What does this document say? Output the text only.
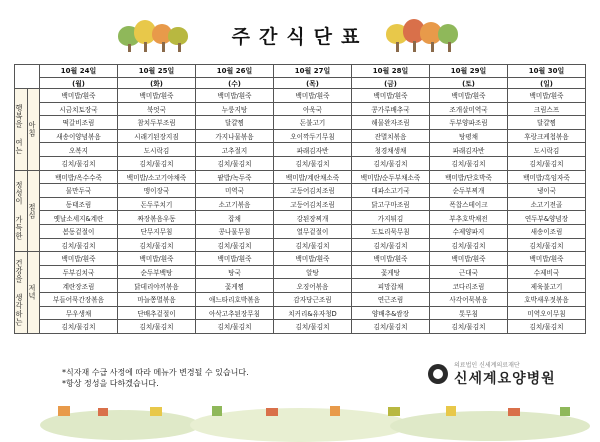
주간식단표
		10월 24일	10월 25일	10월 26일	10월 27일	10월 28일	10월 29일	10월 30일
		(월)	(화)	(수)	(목)	(금)	(토)	(일)

행복을 여는	아침	백미밥/흰죽	백미밥/흰죽	백미밥/흰죽	백미밥/흰죽	백미밥/흰죽	백미밥/흰죽	백미밥/흰죽
		시금치토장국	북엇국	누룽지탕	아욱국	콩가루배추국	조개살미역국	크림스프
		떡갈비조림	참치두부조림	달걀찜	돈불고기	해물완자조림	두부양파조림	달걀찜
		새송이양념볶음	시래기된장지짐	가지나물볶음	오이깍두기무침	잔멸치볶음	탕평채	후랑크케첩볶음
		오복지	도시락김	고추절지	파래김자반	청경채생채	파래김자반	도시락김
		김치/물김치	김치/물김치	김치/물김치	김치/물김치	김치/물김치	김치/물김치	김치/물김치

정성이 가득한	점심	백미밥/옥수수죽	백미밥/소고기야채죽	팥밥/녹두죽	백미밥/계란채소죽	백미밥/순두부채소죽	백미밥/단호박죽	백미밥/흑임자죽
		물만두국	맹이장국	미역국	고등어김치조림	대파소고기국	순두부찌개	냉이국
		동태조림	돈두루치기	소고기볶음	고등어김치조림	닭고구마조림	폭찹스테이크	소고기전골
		옛날소세지&계란	짜장볶음우동	잡채	강된장찌개	가지튀김	부추호박채전	연두부&양념장
		봄동겉절이	단무지무침	콩나물무침	열무겉절이	도토리묵무침	수제양파지	새송이조림
		김치/물김치	김치/물김치	김치/물김치	김치/물김치	김치/물김치	김치/물김치	김치/물김치

건강을 생각하는	저녁	백미밥/흰죽	백미밥/흰죽	백미밥/흰죽	백미밥/흰죽	백미밥/흰죽	백미밥/흰죽	백미밥/흰죽
		두부김치국	순두부백탕	탕국	알탕	꽃게탕	근대국	수제비국
		계란장조림	닭데리야끼볶음	꽃게찜	오징어볶음	피망잡채	코다리조림	제육불고기
		부들어묵간장볶음	마늘쫑멸볶음	애느타리호박볶음	감자당근조림	연근조림	사각어묵볶음	호박새우젓볶음
		무우생채	단배추겉절이	아삭고추된장무침	치커리&유자청D	양배추&쌈장	톳무침	미역오이무침
		김치/물김치	김치/물김치	김치/물김치	김치/물김치	김치/물김치	김치/물김치	김치/물김치
*식자재 수급 사정에 따라 메뉴가 변경될 수 있습니다.
*항상 정성을 다하겠습니다.
의료법인 신세계의료재단
신세계요양병원
